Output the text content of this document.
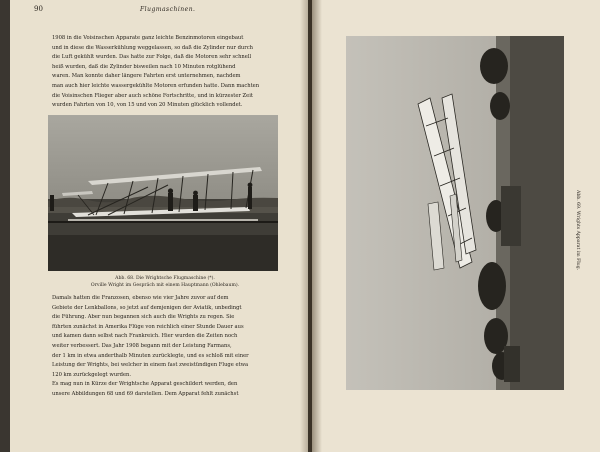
90	Flugmaschinen.
1908 in die Voisinschen Apparate ganz leichte Benzinmotoren eingebaut
und in diese die Wasserkühlung weggelassen, so daß die Zylinder nur durch
die Luft gekühlt wurden. Das hatte zur Folge, daß die Motoren sehr schnell
heiß wurden, daß die Zylinder bisweilen nach 10 Minuten rotglühend
waren. Man konnte daher längere Fahrten erst unternehmen, nachdem
man auch hier leichte wassergekühlte Motoren erfunden hatte. Dann machten
die Voisinschen Flieger aber auch schöne Fortschritte, und in kürzester Zeit
wurden Fahrten von 10, von 15 und von 20 Minuten glücklich vollendet.
Abb. 68. Die Wrightsche Flugmaschine (*).
Orville Wright im Gespräch mit einem Hauptmann (Ohlebaum).
Damals hatten die Franzosen, ebenso wie vier Jahre zuvor auf dem
Gebiete der Lenkballons, so jetzt auf demjenigen der Aviatik, unbedingt
die Führung. Aber nun begannen sich auch die Wrights zu regen. Sie
führten zunächst in Amerika Flüge von reichlich einer Stunde Dauer aus
und kamen dann selbst nach Frankreich. Hier wurden die Zeiten noch
weiter verbessert. Das Jahr 1908 begann mit der Leistung Farmans,
der 1 km in etwa anderthalb Minuten zurücklegte, und es schloß mit einer
Leistung der Wrights, bei welcher in einem fast zweistündigen Fluge etwa
120 km zurückgelegt wurden.
Es mag nun in Kürze der Wrightsche Apparat geschildert werden, den
unsere Abbildungen 68 und 69 darstellen. Dem Apparat fehlt zunächst
Abb. 69. Wrights Apparat im Flug.
